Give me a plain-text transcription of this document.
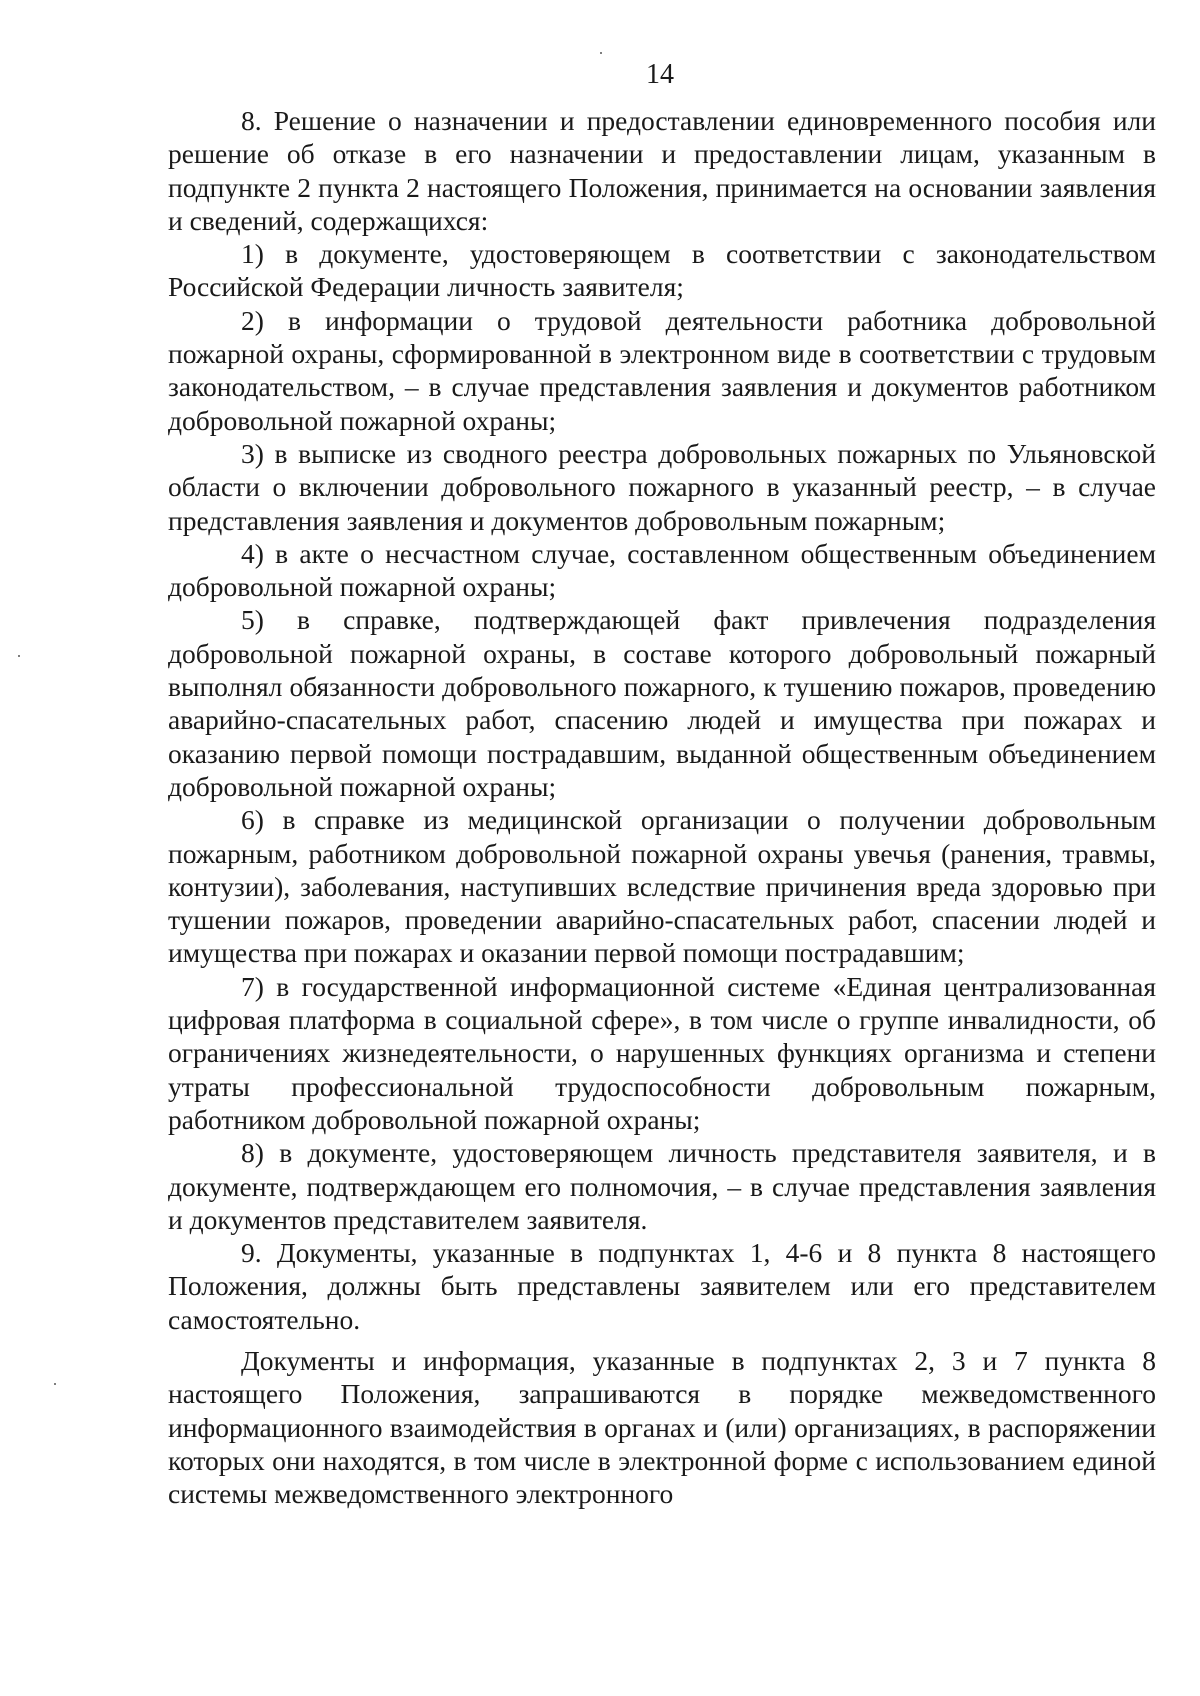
14

8. Решение о назначении и предоставлении единовременного пособия или решение об отказе в его назначении и предоставлении лицам, указанным в подпункте 2 пункта 2 настоящего Положения, принимается на основании заявления и сведений, содержащихся:

1) в документе, удостоверяющем в соответствии с законодательством Российской Федерации личность заявителя;

2) в информации о трудовой деятельности работника добровольной пожарной охраны, сформированной в электронном виде в соответствии с трудовым законодательством, – в случае представления заявления и документов работником добровольной пожарной охраны;

3) в выписке из сводного реестра добровольных пожарных по Ульяновской области о включении добровольного пожарного в указанный реестр, – в случае представления заявления и документов добровольным пожарным;

4) в акте о несчастном случае, составленном общественным объединением добровольной пожарной охраны;

5) в справке, подтверждающей факт привлечения подразделения добровольной пожарной охраны, в составе которого добровольный пожарный выполнял обязанности добровольного пожарного, к тушению пожаров, проведению аварийно-спасательных работ, спасению людей и имущества при пожарах и оказанию первой помощи пострадавшим, выданной общественным объединением добровольной пожарной охраны;

6) в справке из медицинской организации о получении добровольным пожарным, работником добровольной пожарной охраны увечья (ранения, травмы, контузии), заболевания, наступивших вследствие причинения вреда здоровью при тушении пожаров, проведении аварийно-спасательных работ, спасении людей и имущества при пожарах и оказании первой помощи пострадавшим;

7) в государственной информационной системе «Единая централизованная цифровая платформа в социальной сфере», в том числе о группе инвалидности, об ограничениях жизнедеятельности, о нарушенных функциях организма и степени утраты профессиональной трудоспособности добровольным пожарным, работником добровольной пожарной охраны;

8) в документе, удостоверяющем личность представителя заявителя, и в документе, подтверждающем его полномочия, – в случае представления заявления и документов представителем заявителя.

9. Документы, указанные в подпунктах 1, 4-6 и 8 пункта 8 настоящего Положения, должны быть представлены заявителем или его представителем самостоятельно.

Документы и информация, указанные в подпунктах 2, 3 и 7 пункта 8 настоящего Положения, запрашиваются в порядке межведомственного информационного взаимодействия в органах и (или) организациях, в распоряжении которых они находятся, в том числе в электронной форме с использованием единой системы межведомственного электронного
